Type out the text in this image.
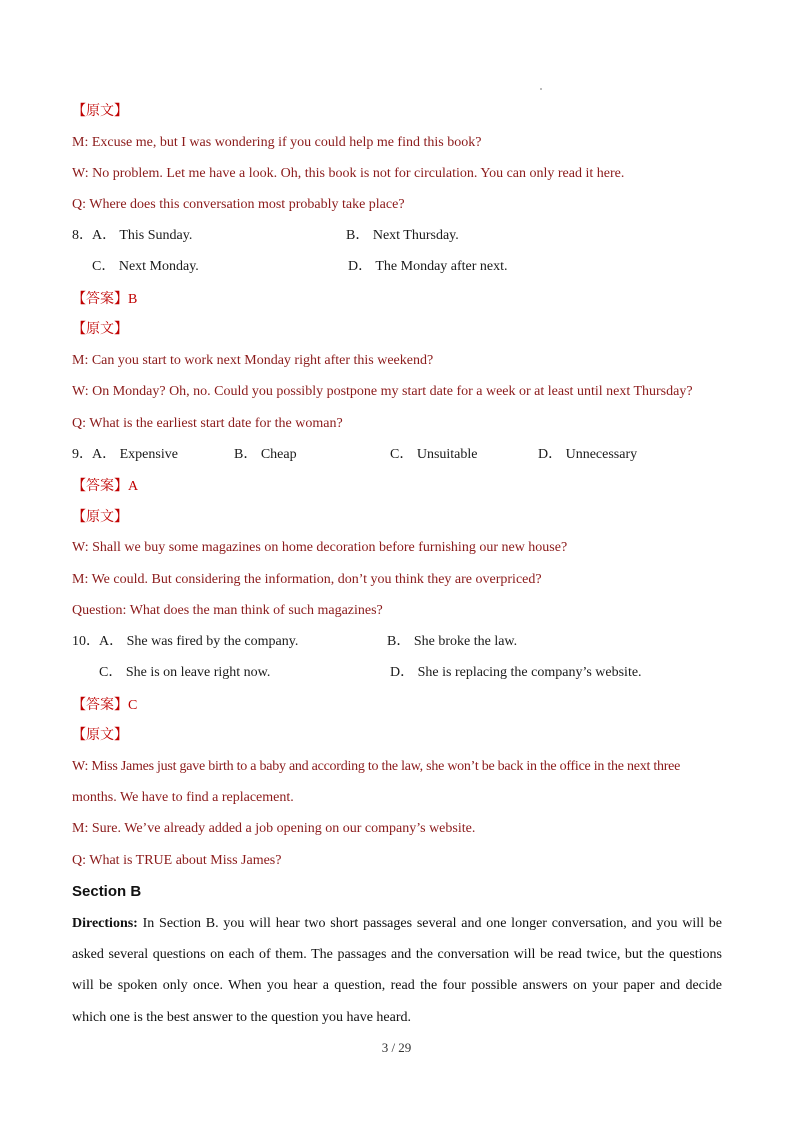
【原文】
M: Excuse me, but I was wondering if you could help me find this book?
W: No problem. Let me have a look. Oh, this book is not for circulation. You can only read it here.
Q: Where does this conversation most probably take place?
8． A． This Sunday.	B． Next Thursday.
C． Next Monday.	D． The Monday after next.
【答案】B
【原文】
M: Can you start to work next Monday right after this weekend?
W: On Monday? Oh, no. Could you possibly postpone my start date for a week or at least until next Thursday?
Q: What is the earliest start date for the woman?
9． A． Expensive	B． Cheap	C． Unsuitable	D． Unnecessary
【答案】A
【原文】
W: Shall we buy some magazines on home decoration before furnishing our new house?
M: We could. But considering the information, don’t you think they are overpriced?
Question: What does the man think of such magazines?
10． A． She was fired by the company.	B． She broke the law.
C． She is on leave right now.	D． She is replacing the company’s website.
【答案】C
【原文】
W: Miss James just gave birth to a baby and according to the law, she won’t be back in the office in the next three
months. We have to find a replacement.
M: Sure. We’ve already added a job opening on our company’s website.
Q: What is TRUE about Miss James?
Section B
Directions: In Section B. you will hear two short passages several and one longer conversation, and you will be
asked several questions on each of them. The passages and the conversation will be read twice, but the questions
will be spoken only once. When you hear a question, read the four possible answers on your paper and decide
which one is the best answer to the question you have heard.
3 / 29
